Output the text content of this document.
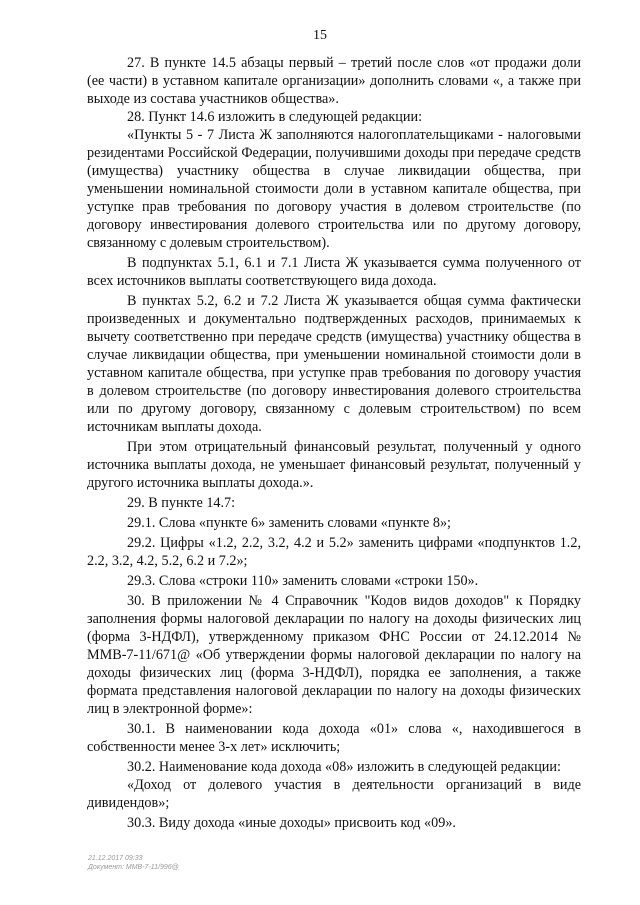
15

27. В пункте 14.5 абзацы первый – третий после слов «от продажи доли (ее части) в уставном капитале организации» дополнить словами «, а также при выходе из состава участников общества».

28. Пункт 14.6 изложить в следующей редакции:

«Пункты 5 - 7 Листа Ж заполняются налогоплательщиками - налоговыми резидентами Российской Федерации, получившими доходы при передаче средств (имущества) участнику общества в случае ликвидации общества, при уменьшении номинальной стоимости доли в уставном капитале общества, при уступке прав требования по договору участия в долевом строительстве (по договору инвестирования долевого строительства или по другому договору, связанному с долевым строительством).

В подпунктах 5.1, 6.1 и 7.1 Листа Ж указывается сумма полученного от всех источников выплаты соответствующего вида дохода.

В пунктах 5.2, 6.2 и 7.2 Листа Ж указывается общая сумма фактически произведенных и документально подтвержденных расходов, принимаемых к вычету соответственно при передаче средств (имущества) участнику общества в случае ликвидации общества, при уменьшении номинальной стоимости доли в уставном капитале общества, при уступке прав требования по договору участия в долевом строительстве (по договору инвестирования долевого строительства или по другому договору, связанному с долевым строительством) по всем источникам выплаты дохода.

При этом отрицательный финансовый результат, полученный у одного источника выплаты дохода, не уменьшает финансовый результат, полученный у другого источника выплаты дохода.».

29. В пункте 14.7:

29.1. Слова «пункте 6» заменить словами «пункте 8»;

29.2. Цифры «1.2, 2.2, 3.2, 4.2 и 5.2» заменить цифрами «подпунктов 1.2, 2.2, 3.2, 4.2, 5.2, 6.2 и 7.2»;

29.3. Слова «строки 110» заменить словами «строки 150».

30. В приложении № 4 Справочник "Кодов видов доходов" к Порядку заполнения формы налоговой декларации по налогу на доходы физических лиц (форма 3-НДФЛ), утвержденному приказом ФНС России от 24.12.2014 № ММВ-7-11/671@ «Об утверждении формы налоговой декларации по налогу на доходы физических лиц (форма 3-НДФЛ), порядка ее заполнения, а также формата представления налоговой декларации по налогу на доходы физических лиц в электронной форме»:

30.1. В наименовании кода дохода «01» слова «, находившегося в собственности менее 3-х лет» исключить;

30.2. Наименование кода дохода «08» изложить в следующей редакции:

«Доход от долевого участия в деятельности организаций в виде дивидендов»;

30.3. Виду дохода «иные доходы» присвоить код «09».

21.12.2017 09:33
Документ: ММВ-7-11/996@
